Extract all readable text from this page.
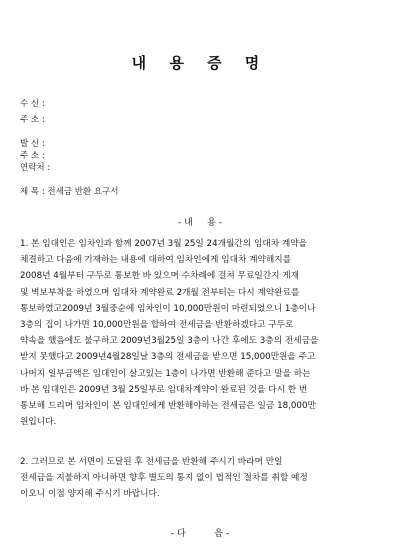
내 용 증 명
수 신 :
주 소 :
발 신 :
주 소 :
연락처 :
제 목 : 전세금 반환 요구서
- 내     용 -
1. 본 임대인은 임차인과 함께 2007년 3월 25일 24개월간의 임대차 계약을
체결하고 다음에 기재하는 내용에 대하여 임차인에게 임대차 계약해지를
2008년 4월부터 구두로 통보한 바 있으며 수차례에 걸쳐 무료일간지 게재
및 벽보부착을 하였으며 임대차 계약완료 2개월 전부터는 다시 계약완료를
통보하였고2009년 3월중순에 임차인이 10,000만원이 마련되었으니 1층이나
3층의 집이 나가면 10,000만원을 합하여 전세금을 반환하겠다고 구두로
약속을 했음에도 불구하고 2009년3월25일 3층이 나간 후에도 3층의 전세금을
받지 못했다고 2009년4월28일날 3층의 전세금을 받으면 15,000만원을 주고
나머지 일부금액은 임대인이 살고있는 1층이 나가면 반환해 준다고 말을 하는
바 본 임대인은 2009년 3월 25일부로 임대차계약이 완료된 것을 다시 한 번
통보해 드리며 임차인이 본 임대인에게 반환해야하는 전세금은 일금 18,000만
원입니다.
2. 그러므로 본 서면이 도달된 후 전세금을 반환해 주시기 바라며 만일
전세금을 지불하지 아니하면 향후 별도의 통지 없이 법적인 절차를 취할 예정
이오니 이점 양지해 주시기 바랍니다.
- 다          음 -
